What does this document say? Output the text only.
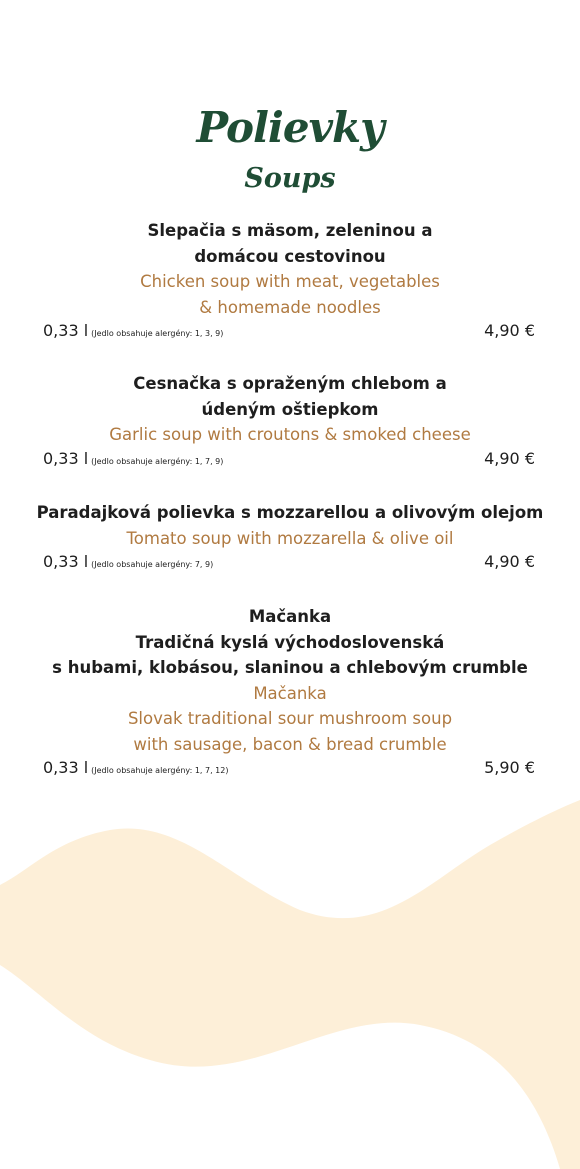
Polievky
Soups
Slepačia s mäsom, zeleninou a
domácou cestovinou
Chicken soup with meat, vegetables
& homemade noodles
0,33 l (Jedlo obsahuje alergény: 1, 3, 9)	4,90 €
Cesnačka s opraženým chlebom a
údeným oštiepkom
Garlic soup with croutons & smoked cheese
0,33 l (Jedlo obsahuje alergény: 1, 7, 9)	4,90 €
Paradajková polievka s mozzarellou a olivovým olejom
Tomato soup with mozzarella & olive oil
0,33 l (Jedlo obsahuje alergény: 7, 9)	4,90 €
Mačanka
Tradičná kyslá východoslovenská
s hubami, klobásou, slaninou a chlebovým crumble
Mačanka
Slovak traditional sour mushroom soup
with sausage, bacon & bread crumble
0,33 l (Jedlo obsahuje alergény: 1, 7, 12)	5,90 €
